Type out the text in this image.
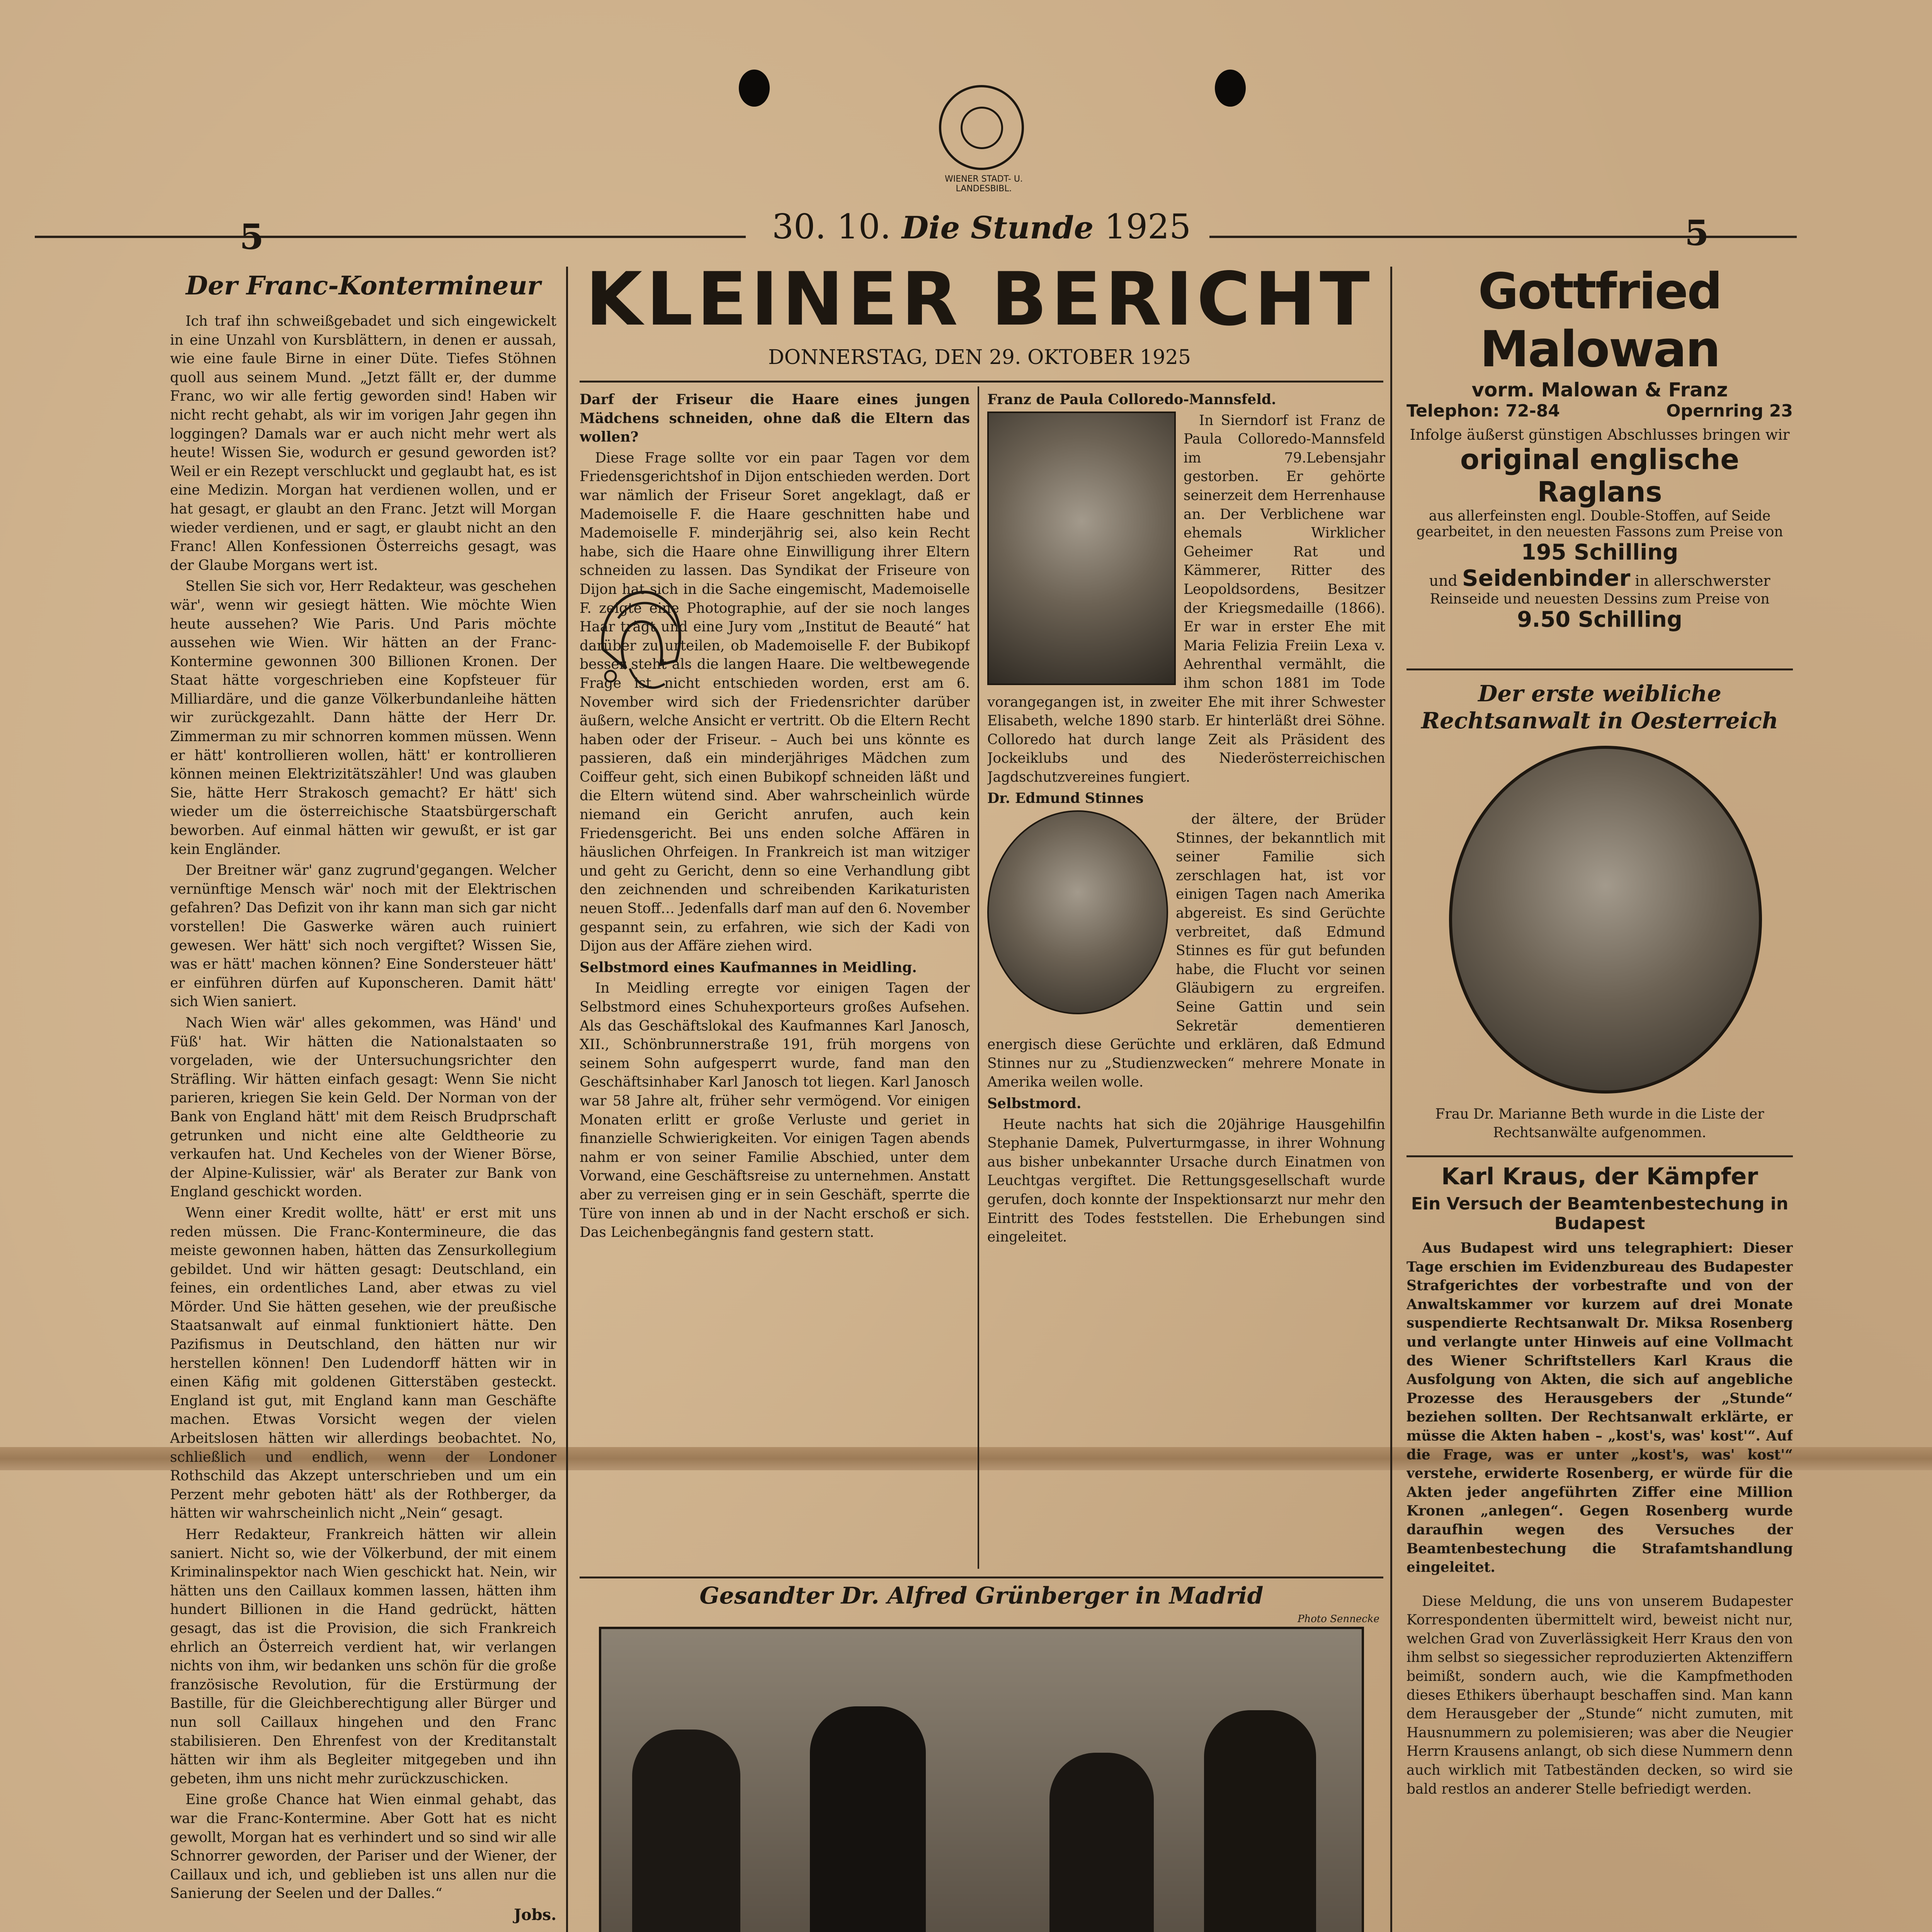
WIENER STADT- U. LANDESBIBL.
5	5
30. 10. Die Stunde 1925
Der Franc-Kontermineur

Ich traf ihn schweißgebadet und sich eingewickelt in eine Unzahl von Kursblättern, in denen er aussah, wie eine faule Birne in einer Düte. Tiefes Stöhnen quoll aus seinem Mund. „Jetzt fällt er, der dumme Franc, wo wir alle fertig geworden sind! Haben wir nicht recht gehabt, als wir im vorigen Jahr gegen ihn loggingen? Damals war er auch nicht mehr wert als heute! Wissen Sie, wodurch er gesund geworden ist? Weil er ein Rezept verschluckt und geglaubt hat, es ist eine Medizin. Morgan hat verdienen wollen, und er hat gesagt, er glaubt an den Franc. Jetzt will Morgan wieder verdienen, und er sagt, er glaubt nicht an den Franc! Allen Konfessionen Österreichs gesagt, was der Glaube Morgans wert ist.

Stellen Sie sich vor, Herr Redakteur, was geschehen wär', wenn wir gesiegt hätten. Wie möchte Wien heute aussehen? Wie Paris. Und Paris möchte aussehen wie Wien. Wir hätten an der Franc-Kontermine gewonnen 300 Billionen Kronen. Der Staat hätte vorgeschrieben eine Kopfsteuer für Milliardäre, und die ganze Völkerbundanleihe hätten wir zurückgezahlt. Dann hätte der Herr Dr. Zimmerman zu mir schnorren kommen müssen. Wenn er hätt' kontrollieren wollen, hätt' er kontrollieren können meinen Elektrizitätszähler! Und was glauben Sie, hätte Herr Strakosch gemacht? Er hätt' sich wieder um die österreichische Staatsbürgerschaft beworben. Auf einmal hätten wir gewußt, er ist gar kein Engländer.

Der Breitner wär' ganz zugrund'gegangen. Welcher vernünftige Mensch wär' noch mit der Elektrischen gefahren? Das Defizit von ihr kann man sich gar nicht vorstellen! Die Gaswerke wären auch ruiniert gewesen. Wer hätt' sich noch vergiftet? Wissen Sie, was er hätt' machen können? Eine Sondersteuer hätt' er einführen dürfen auf Kuponscheren. Damit hätt' sich Wien saniert.

Nach Wien wär' alles gekommen, was Händ' und Füß' hat. Wir hätten die Nationalstaaten so vorgeladen, wie der Untersuchungsrichter den Sträfling. Wir hätten einfach gesagt: Wenn Sie nicht parieren, kriegen Sie kein Geld. Der Norman von der Bank von England hätt' mit dem Reisch Brudprschaft getrunken und nicht eine alte Geldtheorie zu verkaufen hat. Und Kecheles von der Wiener Börse, der Alpine-Kulissier, wär' als Berater zur Bank von England geschickt worden.

Wenn einer Kredit wollte, hätt' er erst mit uns reden müssen. Die Franc-Kontermineure, die das meiste gewonnen haben, hätten das Zensurkollegium gebildet. Und wir hätten gesagt: Deutschland, ein feines, ein ordentliches Land, aber etwas zu viel Mörder. Und Sie hätten gesehen, wie der preußische Staatsanwalt auf einmal funktioniert hätte. Den Pazifismus in Deutschland, den hätten nur wir herstellen können! Den Ludendorff hätten wir in einen Käfig mit goldenen Gitterstäben gesteckt. England ist gut, mit England kann man Geschäfte machen. Etwas Vorsicht wegen der vielen Arbeitslosen hätten wir allerdings beobachtet. No, schließlich und endlich, wenn der Londoner Rothschild das Akzept unterschrieben und um ein Perzent mehr geboten hätt' als der Rothberger, da hätten wir wahrscheinlich nicht „Nein“ gesagt.

Herr Redakteur, Frankreich hätten wir allein saniert. Nicht so, wie der Völkerbund, der mit einem Kriminalinspektor nach Wien geschickt hat. Nein, wir hätten uns den Caillaux kommen lassen, hätten ihm hundert Billionen in die Hand gedrückt, hätten gesagt, das ist die Provision, die sich Frankreich ehrlich an Österreich verdient hat, wir verlangen nichts von ihm, wir bedanken uns schön für die große französische Revolution, für die Erstürmung der Bastille, für die Gleichberechtigung aller Bürger und nun soll Caillaux hingehen und den Franc stabilisieren. Den Ehrenfest von der Kreditanstalt hätten wir ihm als Begleiter mitgegeben und ihn gebeten, ihm uns nicht mehr zurückzuschicken.

Eine große Chance hat Wien einmal gehabt, das war die Franc-Kontermine. Aber Gott hat es nicht gewollt, Morgan hat es verhindert und so sind wir alle Schnorrer geworden, der Pariser und der Wiener, der Caillaux und ich, und geblieben ist uns allen nur die Sanierung der Seelen und der Dalles.“

Jobs.
KLEINER BERICHT
DONNERSTAG, DEN 29. OKTOBER 1925

Darf der Friseur die Haare eines jungen Mädchens schneiden, ohne daß die Eltern das wollen?

Diese Frage sollte vor ein paar Tagen vor dem Friedensgerichtshof in Dijon entschieden werden. Dort war nämlich der Friseur Soret angeklagt, daß er Mademoiselle F. die Haare geschnitten habe und Mademoiselle F. minderjährig sei, also kein Recht habe, sich die Haare ohne Einwilligung ihrer Eltern schneiden zu lassen. Das Syndikat der Friseure von Dijon hat sich in die Sache eingemischt, Mademoiselle F. zeigte eine Photographie, auf der sie noch langes Haar trägt und eine Jury vom „Institut de Beauté“ hat darüber zu urteilen, ob Mademoiselle F. der Bubikopf besser steht als die langen Haare. Die weltbewegende Frage ist nicht entschieden worden, erst am 6. November wird sich der Friedensrichter darüber äußern, welche Ansicht er vertritt. Ob die Eltern Recht haben oder der Friseur. – Auch bei uns könnte es passieren, daß ein minderjähriges Mädchen zum Coiffeur geht, sich einen Bubikopf schneiden läßt und die Eltern wütend sind. Aber wahrscheinlich würde niemand ein Gericht anrufen, auch kein Friedensgericht. Bei uns enden solche Affären in häuslichen Ohrfeigen. In Frankreich ist man witziger und geht zu Gericht, denn so eine Verhandlung gibt den zeichnenden und schreibenden Karikaturisten neuen Stoff… Jedenfalls darf man auf den 6. November gespannt sein, zu erfahren, wie sich der Kadi von Dijon aus der Affäre ziehen wird.

Selbstmord eines Kaufmannes in Meidling.

In Meidling erregte vor einigen Tagen der Selbstmord eines Schuhexporteurs großes Aufsehen. Als das Geschäftslokal des Kaufmannes Karl Janosch, XII., Schönbrunnerstraße 191, früh morgens von seinem Sohn aufgesperrt wurde, fand man den Geschäftsinhaber Karl Janosch tot liegen. Karl Janosch war 58 Jahre alt, früher sehr vermögend. Vor einigen Monaten erlitt er große Verluste und geriet in finanzielle Schwierigkeiten. Vor einigen Tagen abends nahm er von seiner Familie Abschied, unter dem Vorwand, eine Geschäftsreise zu unternehmen. Anstatt aber zu verreisen ging er in sein Geschäft, sperrte die Türe von innen ab und in der Nacht erschoß er sich. Das Leichenbegängnis fand gestern statt.

Franz de Paula Colloredo-Mannsfeld.

In Sierndorf ist Franz de Paula Colloredo-Mannsfeld im 79.Lebensjahr gestorben. Er gehörte seinerzeit dem Herrenhause an. Der Verblichene war ehemals Wirklicher Geheimer Rat und Kämmerer, Ritter des Leopoldsordens, Besitzer der Kriegsmedaille (1866). Er war in erster Ehe mit Maria Felizia Freiin Lexa v. Aehrenthal vermählt, die ihm schon 1881 im Tode vorangegangen ist, in zweiter Ehe mit ihrer Schwester Elisabeth, welche 1890 starb. Er hinterläßt drei Söhne. Colloredo hat durch lange Zeit als Präsident des Jockeiklubs und des Niederösterreichischen Jagdschutzvereines fungiert.

Dr. Edmund Stinnes

der ältere, der Brüder Stinnes, der bekanntlich mit seiner Familie sich zerschlagen hat, ist vor einigen Tagen nach Amerika abgereist. Es sind Gerüchte verbreitet, daß Edmund Stinnes es für gut befunden habe, die Flucht vor seinen Gläubigern zu ergreifen. Seine Gattin und sein Sekretär dementieren energisch diese Gerüchte und erklären, daß Edmund Stinnes nur zu „Studienzwecken“ mehrere Monate in Amerika weilen wolle.

Selbstmord.

Heute nachts hat sich die 20jährige Hausgehilfin Stephanie Damek, Pulverturmgasse, in ihrer Wohnung aus bisher unbekannter Ursache durch Einatmen von Leuchtgas vergiftet. Die Rettungsgesellschaft wurde gerufen, doch konnte der Inspektionsarzt nur mehr den Eintritt des Todes feststellen. Die Erhebungen sind eingeleitet.

Gesandter Dr. Alfred Grünberger in Madrid
Photo Sennecke
Gottfried Malowan
vorm. Malowan & Franz
Telephon: 72-84	Opernring 23
Infolge äußerst günstigen Abschlusses bringen wir
original englische Raglans
aus allerfeinsten engl. Double-Stoffen, auf Seide
gearbeitet, in den neuesten Fassons zum Preise von
195 Schilling
und Seidenbinder in allerschwerster
Reinseide und neuesten Dessins zum Preise von
9.50 Schilling
Der erste weibliche Rechtsanwalt in Oesterreich
Frau Dr. Marianne Beth wurde in die Liste der Rechtsanwälte aufgenommen.
Karl Kraus, der Kämpfer
Ein Versuch der Beamtenbestechung in Budapest

Aus Budapest wird uns telegraphiert: Dieser Tage erschien im Evidenzbureau des Budapester Strafgerichtes der vorbestrafte und von der Anwaltskammer vor kurzem auf drei Monate suspendierte Rechtsanwalt Dr. Miksa Rosenberg und verlangte unter Hinweis auf eine Vollmacht des Wiener Schriftstellers Karl Kraus die Ausfolgung von Akten, die sich auf angebliche Prozesse des Herausgebers der „Stunde“ beziehen sollten. Der Rechtsanwalt erklärte, er müsse die Akten haben – „kost's, was' kost'“. Auf die Frage, was er unter „kost's, was' kost'“ verstehe, erwiderte Rosenberg, er würde für die Akten jeder angeführten Ziffer eine Million Kronen „anlegen“. Gegen Rosenberg wurde daraufhin wegen des Versuches der Beamtenbestechung die Strafamtshandlung eingeleitet.

Diese Meldung, die uns von unserem Budapester Korrespondenten übermittelt wird, beweist nicht nur, welchen Grad von Zuverlässigkeit Herr Kraus den von ihm selbst so siegessicher reproduzierten Aktenziffern beimißt, sondern auch, wie die Kampfmethoden dieses Ethikers überhaupt beschaffen sind. Man kann dem Herausgeber der „Stunde“ nicht zumuten, mit Hausnummern zu polemisieren; was aber die Neugier Herrn Krausens anlangt, ob sich diese Nummern denn auch wirklich mit Tatbeständen decken, so wird sie bald restlos an anderer Stelle befriedigt werden.
